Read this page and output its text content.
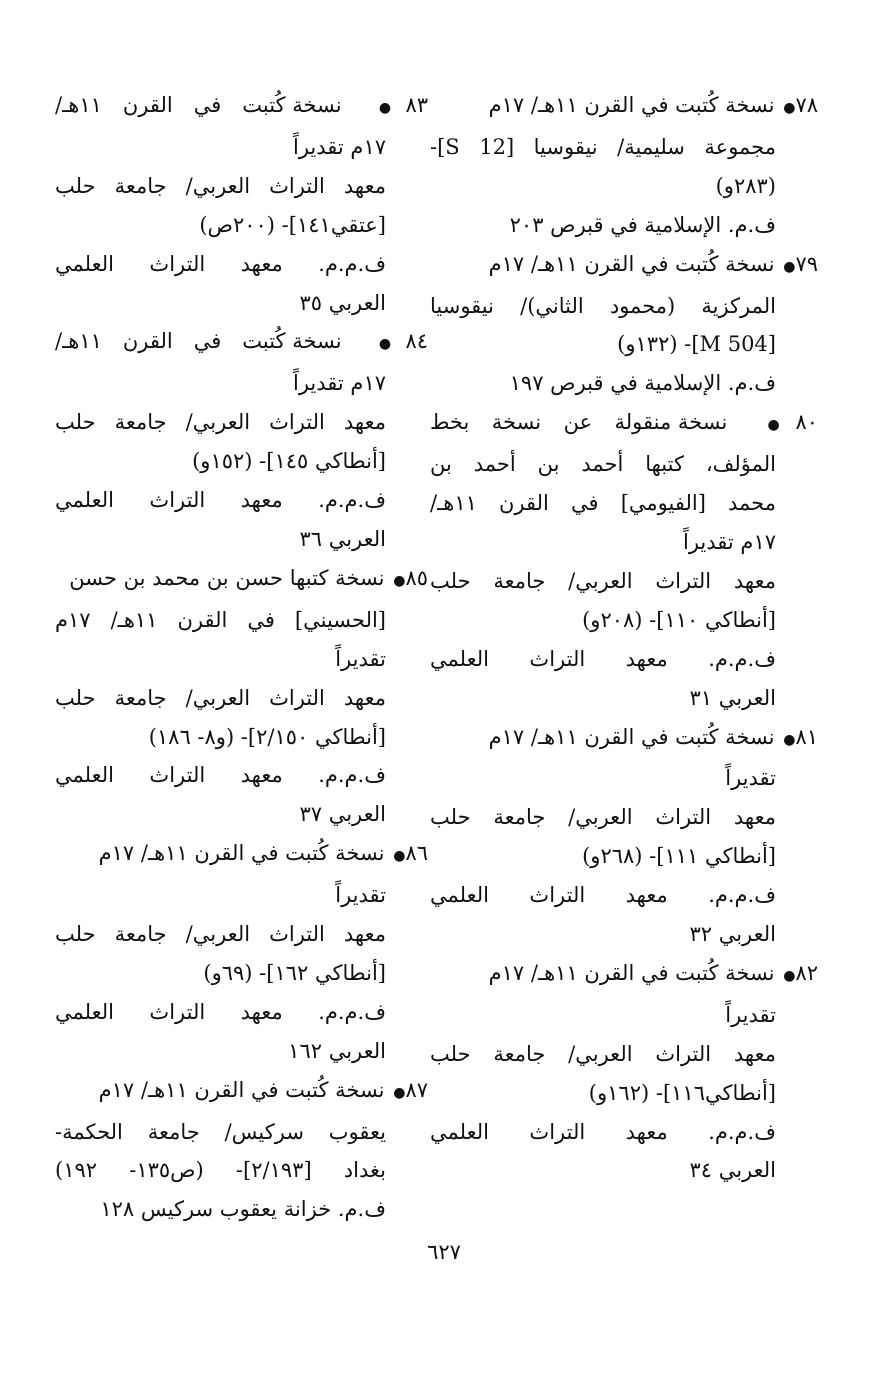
٧٨● نسخة كُتبت في القرن ١١هـ/ ١٧م
مجموعة سليمية/ نيقوسيا [S 12]-
(٢٨٣و)
ف.م. الإسلامية في قبرص ٢٠٣
٧٩● نسخة كُتبت في القرن ١١هـ/ ١٧م
المركزية (محمود الثاني)/ نيقوسيا
[M 504]- (١٣٢و)
ف.م. الإسلامية في قبرص ١٩٧
٨٠● نسخة منقولة عن نسخة بخط
المؤلف، كتبها أحمد بن أحمد بن
محمد [الفيومي] في القرن ١١هـ/
١٧م تقديراً
معهد التراث العربي/ جامعة حلب
[أنطاكي ١١٠]- (٢٠٨و)
ف.م.م. معهد التراث العلمي
العربي ٣١
٨١● نسخة كُتبت في القرن ١١هـ/ ١٧م
تقديراً
معهد التراث العربي/ جامعة حلب
[أنطاكي ١١١]- (٢٦٨و)
ف.م.م. معهد التراث العلمي
العربي ٣٢
٨٢● نسخة كُتبت في القرن ١١هـ/ ١٧م
تقديراً
معهد التراث العربي/ جامعة حلب
[أنطاكي١١٦]- (١٦٢و)
ف.م.م. معهد التراث العلمي
العربي ٣٤
٨٣● نسخة كُتبت في القرن ١١هـ/
١٧م تقديراً
معهد التراث العربي/ جامعة حلب
[عتقي١٤١]- (٢٠٠ص)
ف.م.م. معهد التراث العلمي
العربي ٣٥
٨٤● نسخة كُتبت في القرن ١١هـ/
١٧م تقديراً
معهد التراث العربي/ جامعة حلب
[أنطاكي ١٤٥]- (١٥٢و)
ف.م.م. معهد التراث العلمي
العربي ٣٦
٨٥● نسخة كتبها حسن بن محمد بن حسن
[الحسيني] في القرن ١١هـ/ ١٧م
تقديراً
معهد التراث العربي/ جامعة حلب
[أنطاكي ٢/١٥٠]- (و٨- ١٨٦)
ف.م.م. معهد التراث العلمي
العربي ٣٧
٨٦● نسخة كُتبت في القرن ١١هـ/ ١٧م
تقديراً
معهد التراث العربي/ جامعة حلب
[أنطاكي ١٦٢]- (٦٩و)
ف.م.م. معهد التراث العلمي
العربي ١٦٢
٨٧● نسخة كُتبت في القرن ١١هـ/ ١٧م
يعقوب سركيس/ جامعة الحكمة-
بغداد [٢/١٩٣]- (ص١٣٥- ١٩٢)
ف.م. خزانة يعقوب سركيس ١٢٨
٦٢٧
